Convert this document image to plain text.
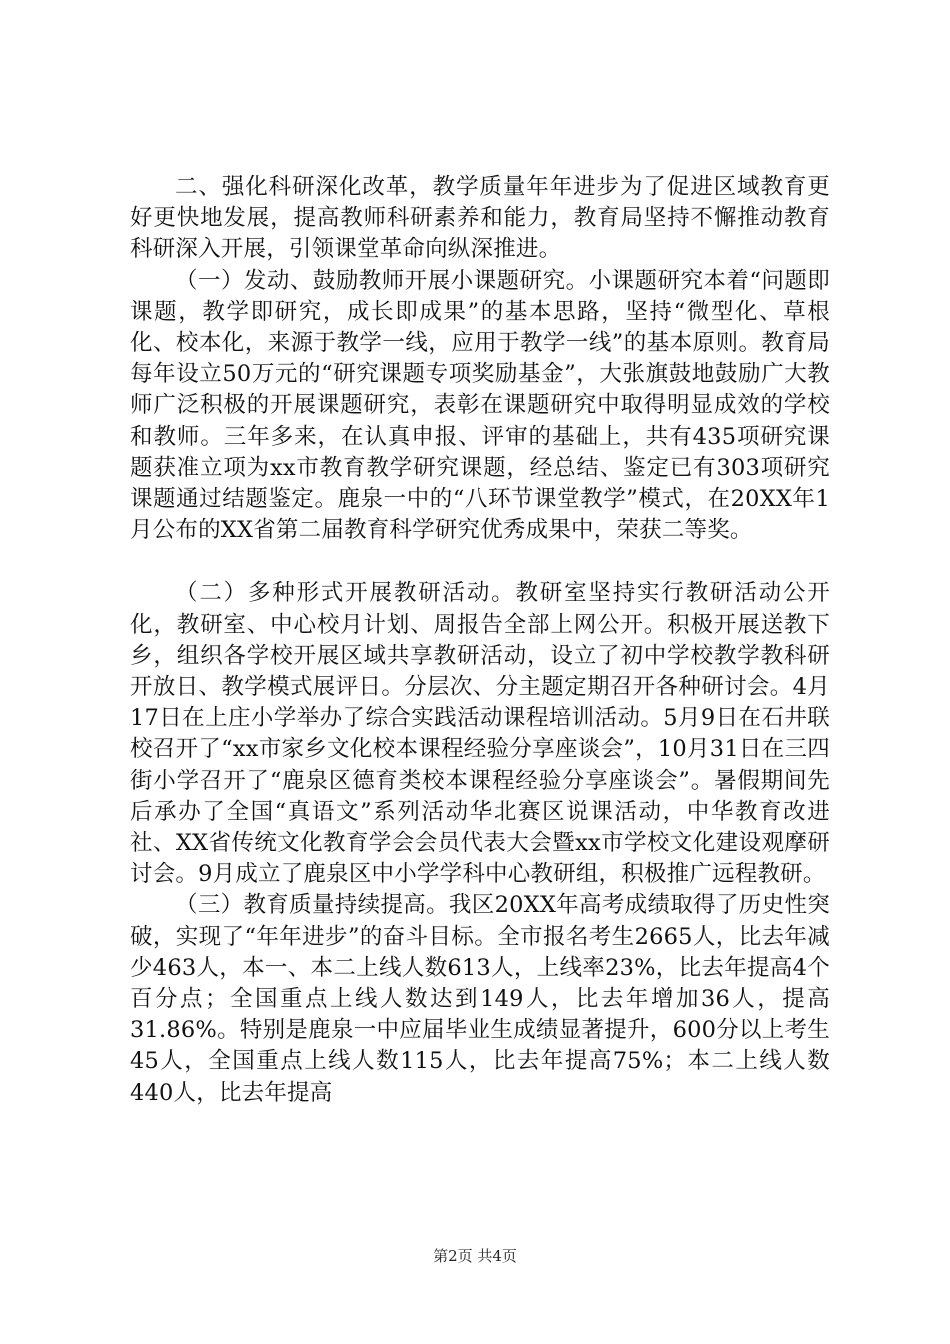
二、强化科研深化改革，教学质量年年进步为了促进区域教育更好更快地发展，提高教师科研素养和能力，教育局坚持不懈推动教育科研深入开展，引领课堂革命向纵深推进。

（一）发动、鼓励教师开展小课题研究。小课题研究本着“问题即课题，教学即研究，成长即成果”的基本思路，坚持“微型化、草根化、校本化，来源于教学一线，应用于教学一线”的基本原则。教育局每年设立50万元的“研究课题专项奖励基金”，大张旗鼓地鼓励广大教师广泛积极的开展课题研究，表彰在课题研究中取得明显成效的学校和教师。三年多来，在认真申报、评审的基础上，共有435项研究课题获准立项为xx市教育教学研究课题，经总结、鉴定已有303项研究课题通过结题鉴定。鹿泉一中的“八环节课堂教学”模式，在20XX年1月公布的XX省第二届教育科学研究优秀成果中，荣获二等奖。

（二）多种形式开展教研活动。教研室坚持实行教研活动公开化，教研室、中心校月计划、周报告全部上网公开。积极开展送教下乡，组织各学校开展区域共享教研活动，设立了初中学校教学教科研开放日、教学模式展评日。分层次、分主题定期召开各种研讨会。4月17日在上庄小学举办了综合实践活动课程培训活动。5月9日在石井联校召开了“xx市家乡文化校本课程经验分享座谈会”，10月31日在三四街小学召开了“鹿泉区德育类校本课程经验分享座谈会”。暑假期间先后承办了全国“真语文”系列活动华北赛区说课活动，中华教育改进社、XX省传统文化教育学会会员代表大会暨xx市学校文化建设观摩研讨会。9月成立了鹿泉区中小学学科中心教研组，积极推广远程教研。

（三）教育质量持续提高。我区20XX年高考成绩取得了历史性突破，实现了“年年进步”的奋斗目标。全市报名考生2665人，比去年减少463人，本一、本二上线人数613人，上线率23%，比去年提高4个百分点；全国重点上线人数达到149人，比去年增加36人，提高31.86%。特别是鹿泉一中应届毕业生成绩显著提升，600分以上考生45人，全国重点上线人数115人，比去年提高75%；本二上线人数440人，比去年提高

第2页 共4页
